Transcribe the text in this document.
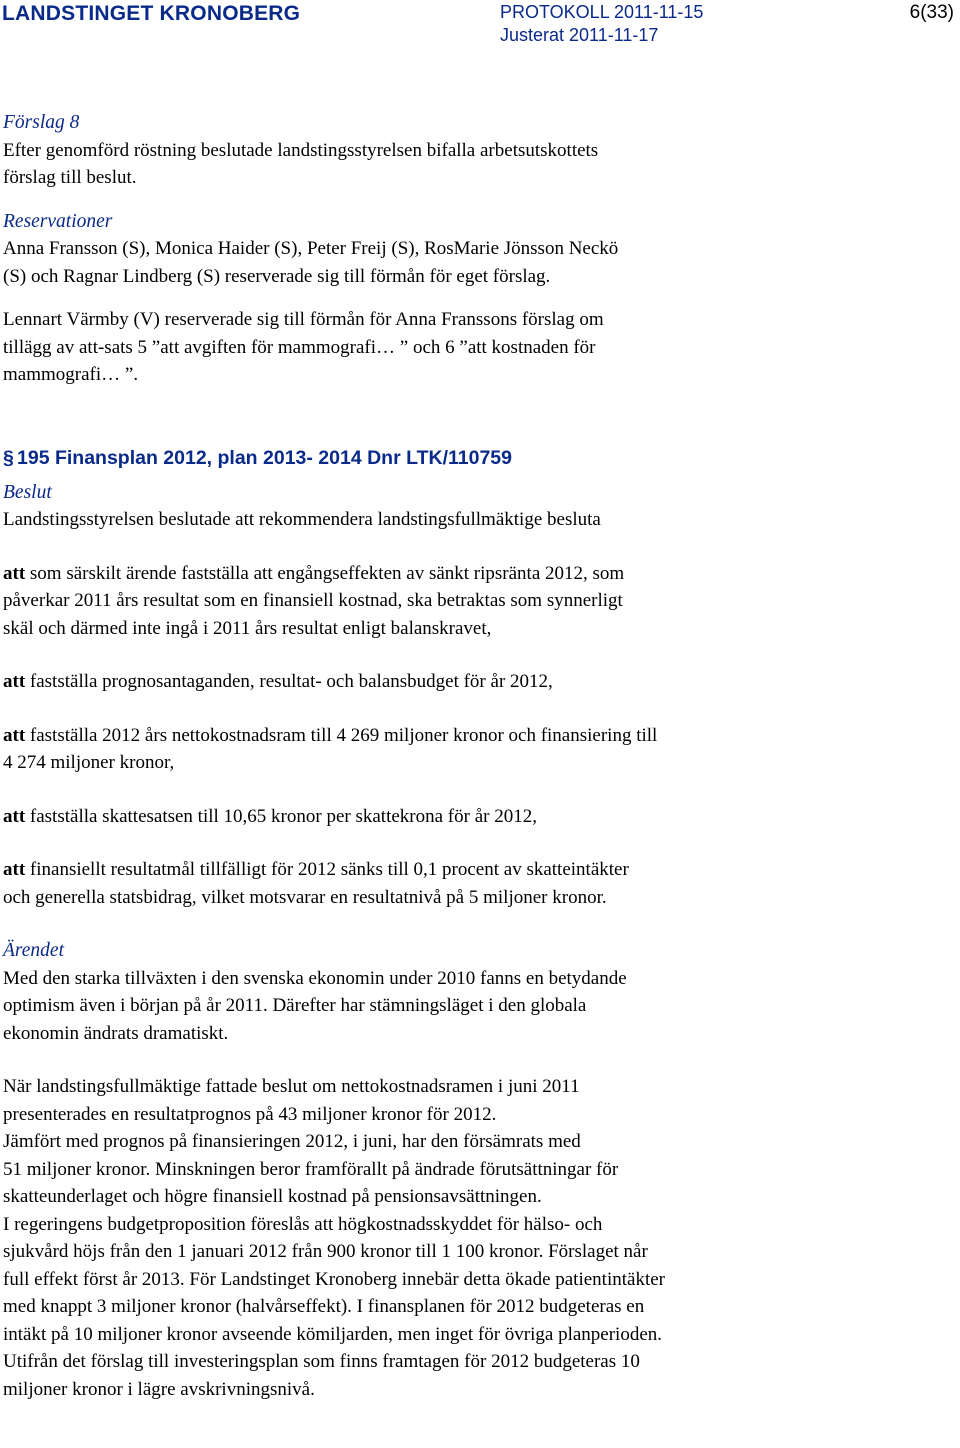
LANDSTINGET KRONOBERG	PROTOKOLL 2011-11-15	6(33)
Justerat 2011-11-17

Förslag 8

Efter genomförd röstning beslutade landstingsstyrelsen bifalla arbetsutskottets

förslag till beslut.

Reservationer

Anna Fransson (S), Monica Haider (S), Peter Freij (S), RosMarie Jönsson Neckö

(S) och Ragnar Lindberg (S) reserverade sig till förmån för eget förslag.

Lennart Värmby (V) reserverade sig till förmån för Anna Franssons förslag om

tillägg av att-sats 5 ”att avgiften för mammografi… ” och 6 ”att kostnaden för

mammografi… ”.

§ 195 Finansplan 2012, plan 2013- 2014 Dnr LTK/110759

Beslut

Landstingsstyrelsen beslutade att rekommendera landstingsfullmäktige besluta

att som särskilt ärende fastställa att engångseffekten av sänkt ripsränta 2012, som

påverkar 2011 års resultat som en finansiell kostnad, ska betraktas som synnerligt

skäl och därmed inte ingå i 2011 års resultat enligt balanskravet,

att fastställa prognosantaganden, resultat- och balansbudget för år 2012,

att fastställa 2012 års nettokostnadsram till 4 269 miljoner kronor och finansiering till

4 274 miljoner kronor,

att fastställa skattesatsen till 10,65 kronor per skattekrona för år 2012,

att finansiellt resultatmål tillfälligt för 2012 sänks till 0,1 procent av skatteintäkter

och generella statsbidrag, vilket motsvarar en resultatnivå på 5 miljoner kronor.

Ärendet

Med den starka tillväxten i den svenska ekonomin under 2010 fanns en betydande

optimism även i början på år 2011. Därefter har stämningsläget i den globala

ekonomin ändrats dramatiskt.

När landstingsfullmäktige fattade beslut om nettokostnadsramen i juni 2011

presenterades en resultatprognos på 43 miljoner kronor för 2012.

Jämfört med prognos på finansieringen 2012, i juni, har den försämrats med

51 miljoner kronor. Minskningen beror framförallt på ändrade förutsättningar för

skatteunderlaget och högre finansiell kostnad på pensionsavsättningen.

I regeringens budgetproposition föreslås att högkostnadsskyddet för hälso- och

sjukvård höjs från den 1 januari 2012 från 900 kronor till 1 100 kronor. Förslaget når

full effekt först år 2013. För Landstinget Kronoberg innebär detta ökade patientintäkter

med knappt 3 miljoner kronor (halvårseffekt). I finansplanen för 2012 budgeteras en

intäkt på 10 miljoner kronor avseende kömiljarden, men inget för övriga planperioden.

Utifrån det förslag till investeringsplan som finns framtagen för 2012 budgeteras 10

miljoner kronor i lägre avskrivningsnivå.
